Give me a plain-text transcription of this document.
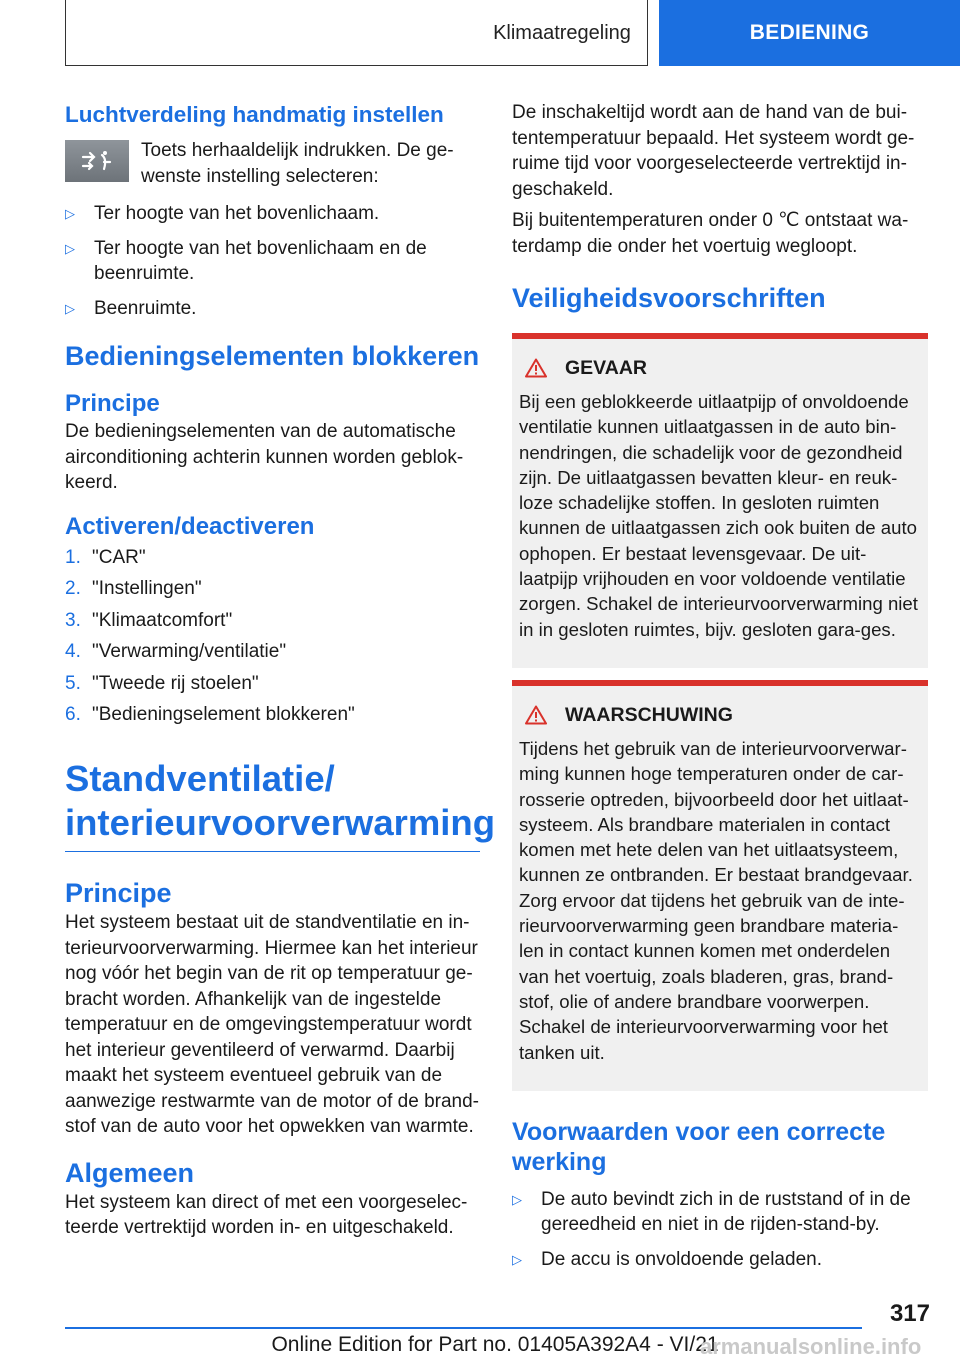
Klimaatregeling	BEDIENING
Luchtverdeling handmatig instellen
Toets herhaaldelijk indrukken. De ge-wenste instelling selecteren:
▷	Ter hoogte van het bovenlichaam.
▷	Ter hoogte van het bovenlichaam en de beenruimte.
▷	Beenruimte.
Bedieningselementen blokkeren
Principe
De bedieningselementen van de automatische airconditioning achterin kunnen worden geblok-keerd.
Activeren/deactiveren
1. "CAR"
2. "Instellingen"
3. "Klimaatcomfort"
4. "Verwarming/ventilatie"
5. "Tweede rij stoelen"
6. "Bedieningselement blokkeren"
Standventilatie/
interieurvoorverwarming
Principe
Het systeem bestaat uit de standventilatie en in-terieurvoorverwarming. Hiermee kan het interieur nog vóór het begin van de rit op temperatuur ge-bracht worden. Afhankelijk van de ingestelde temperatuur en de omgevingstemperatuur wordt het interieur geventileerd of verwarmd. Daarbij maakt het systeem eventueel gebruik van de aanwezige restwarmte van de motor of de brand-stof van de auto voor het opwekken van warmte.
Algemeen
Het systeem kan direct of met een voorgeselec-teerde vertrektijd worden in- en uitgeschakeld.
De inschakeltijd wordt aan de hand van de bui-tentemperatuur bepaald. Het systeem wordt ge-ruime tijd voor voorgeselecteerde vertrektijd in-geschakeld.
Bij buitentemperaturen onder 0 ℃ ontstaat wa-terdamp die onder het voertuig wegloopt.
Veiligheidsvoorschriften
GEVAAR
Bij een geblokkeerde uitlaatpijp of onvoldoende ventilatie kunnen uitlaatgassen in de auto bin-nendringen, die schadelijk voor de gezondheid zijn. De uitlaatgassen bevatten kleur- en reuk-loze schadelijke stoffen. In gesloten ruimten kunnen de uitlaatgassen zich ook buiten de auto ophopen. Er bestaat levensgevaar. De uit-laatpijp vrijhouden en voor voldoende ventilatie zorgen. Schakel de interieurvoorverwarming niet in in gesloten ruimtes, bijv. gesloten gara-ges.
WAARSCHUWING
Tijdens het gebruik van de interieurvoorverwar-ming kunnen hoge temperaturen onder de car-rosserie optreden, bijvoorbeeld door het uitlaat-systeem. Als brandbare materialen in contact komen met hete delen van het uitlaatsysteem, kunnen ze ontbranden. Er bestaat brandgevaar. Zorg ervoor dat tijdens het gebruik van de inte-rieurvoorverwarming geen brandbare materia-len in contact kunnen komen met onderdelen van het voertuig, zoals bladeren, gras, brand-stof, olie of andere brandbare voorwerpen. Schakel de interieurvoorverwarming voor het tanken uit.
Voorwaarden voor een correcte werking
▷	De auto bevindt zich in de ruststand of in de gereedheid en niet in de rijden-stand-by.
▷	De accu is onvoldoende geladen.
317
Online Edition for Part no. 01405A392A4 - VI/21
armanualsonline.info
